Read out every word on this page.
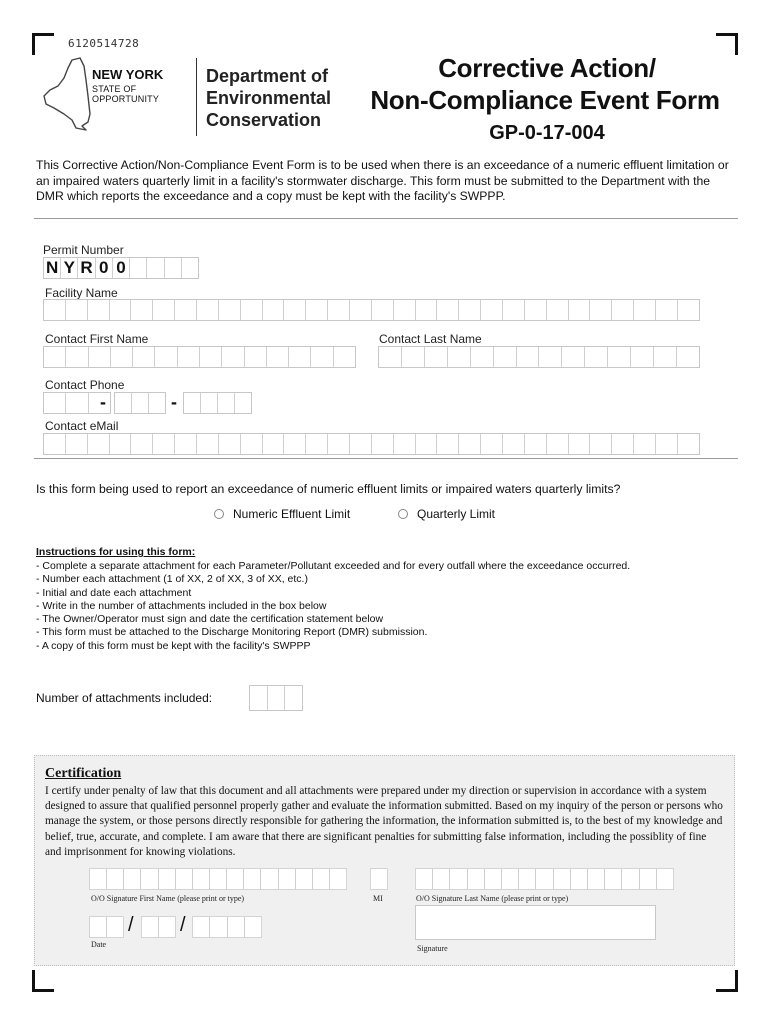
6120514728
NEW YORK
STATE OF
OPPORTUNITY
Department of
Environmental
Conservation
Corrective Action/
Non-Compliance Event Form
GP-0-17-004
This Corrective Action/Non-Compliance Event Form is to be used when there is an exceedance of a numeric effluent limitation or an impaired waters quarterly limit in a facility's stormwater discharge. This form must be submitted to the Department with the DMR which reports the exceedance and a copy must be kept with the facility's SWPPP.
Permit Number
N Y R 0 0
Facility Name
Contact First Name	Contact Last Name
Contact Phone
-	-
Contact eMail
Is this form being used to report an exceedance of numeric effluent limits or impaired waters quarterly limits?
Numeric Effluent Limit	Quarterly Limit
Instructions for using this form:
- Complete a separate attachment for each Parameter/Pollutant exceeded and for every outfall where the exceedance occurred.
- Number each attachment (1 of XX, 2 of XX, 3 of XX, etc.)
- Initial and date each attachment
- Write in the number of attachments included in the box below
- The Owner/Operator must sign and date the certification statement below
- This form must be attached to the Discharge Monitoring Report (DMR) submission.
- A copy of this form must be kept with the facility's SWPPP
Number of attachments included:
Certification
I certify under penalty of law that this document and all attachments were prepared under my direction or supervision in accordance with a system designed to assure that qualified personnel properly gather and evaluate the information submitted. Based on my inquiry of the person or persons who manage the system, or those persons directly responsible for gathering the information, the information submitted is, to the best of my knowledge and belief, true, accurate, and complete. I am aware that there are significant penalties for submitting false information, including the possiblity of fine and imprisonment for knowing violations.
O/O Signature First Name (please print or type)	MI	O/O Signature Last Name (please print or type)
/ /
Date	Signature
